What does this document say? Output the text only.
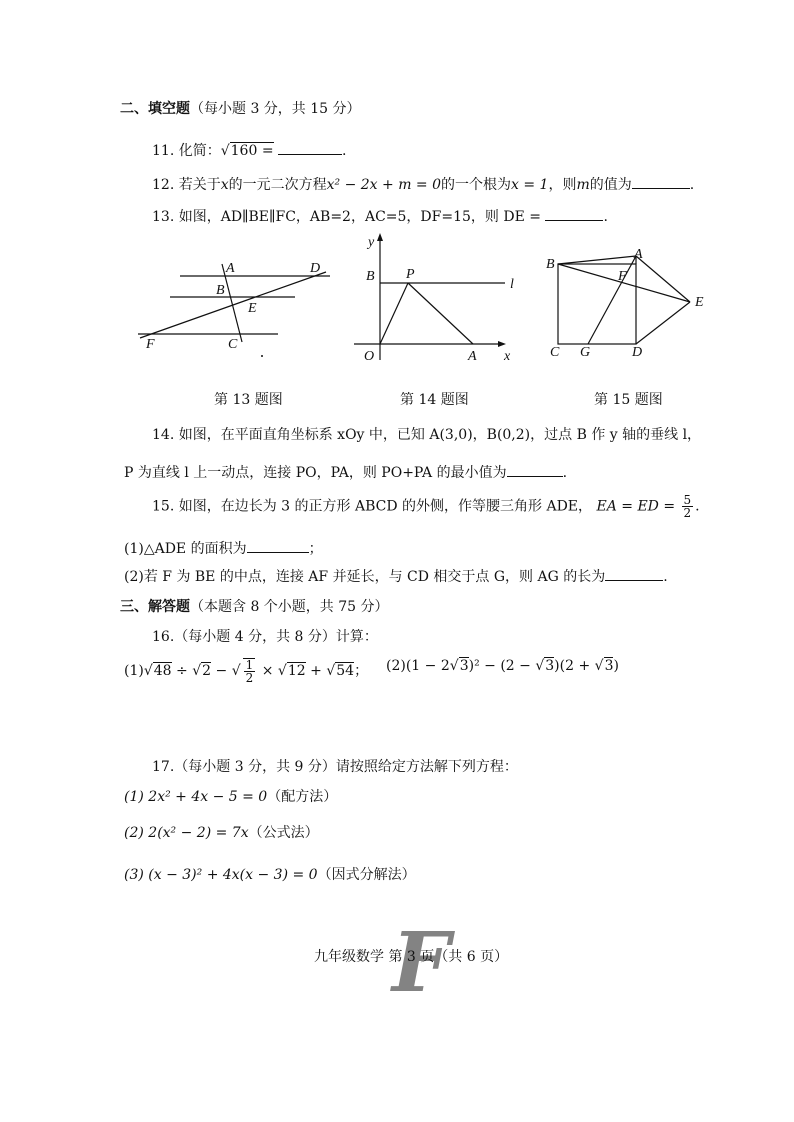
二、填空题（每小题 3 分，共 15 分）
11. 化简：√160 =	.
12. 若关于x的一元二次方程x² − 2x + m = 0的一个根为x = 1，则m的值为	.
13. 如图，AD∥BE∥FC，AB=2，AC=5，DF=15，则 DE =	.
A	D
B
E
F	C
y
B P
l
O	A x
B
A
F
E
C G	D
第 13 题图	第 14 题图	第 15 题图
14. 如图，在平面直角坐标系 xOy 中，已知 A(3,0)，B(0,2)，过点 B 作 y 轴的垂线 l，
P 为直线 l 上一动点，连接 PO，PA，则 PO+PA 的最小值为	.
15. 如图，在边长为 3 的正方形 ABCD 的外侧，作等腰三角形 ADE， EA = ED = $\frac{5}{2}$ .
(1)△ADE 的面积为	；
(2)若 F 为 BE 的中点，连接 AF 并延长，与 CD 相交于点 G，则 AG 的长为	.
三、解答题（本题含 8 个小题，共 75 分）
16.（每小题 4 分，共 8 分）计算：
(1)√48 ÷ √2 − √ $\frac{1}{2} \times √12 + √54$； (2)(1 − 2√3)² − (2 − √3)(2 + √3)
17.（每小题 3 分，共 9 分）请按照给定方法解下列方程：
(1) 2x² + 4x − 5 = 0（配方法）
(2) 2(x² − 2) = 7x（公式法）
(3) (x − 3)² + 4x(x − 3) = 0（因式分解法）
F
九年级数学 第 3 页（共 6 页）
